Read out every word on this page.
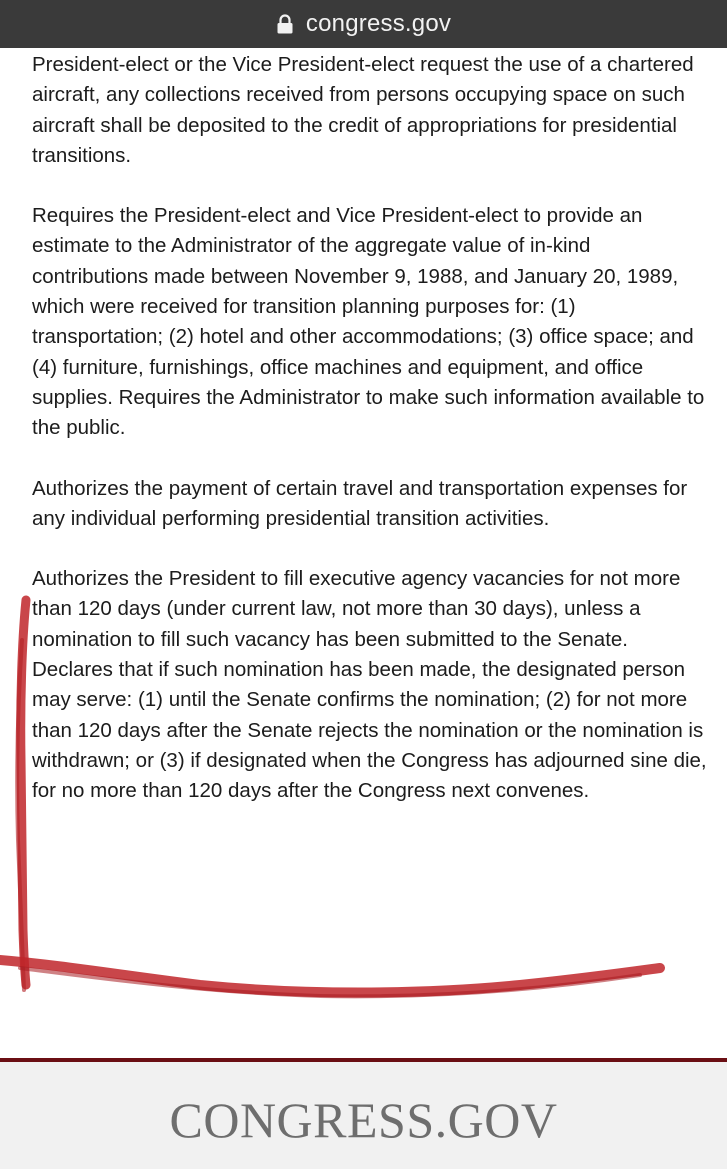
congress.gov

President-elect or the Vice President-elect request the use of a chartered aircraft, any collections received from persons occupying space on such aircraft shall be deposited to the credit of appropriations for presidential transitions.

Requires the President-elect and Vice President-elect to provide an estimate to the Administrator of the aggregate value of in-kind contributions made between November 9, 1988, and January 20, 1989, which were received for transition planning purposes for: (1) transportation; (2) hotel and other accommodations; (3) office space; and (4) furniture, furnishings, office machines and equipment, and office supplies. Requires the Administrator to make such information available to the public.

Authorizes the payment of certain travel and transportation expenses for any individual performing presidential transition activities.

Authorizes the President to fill executive agency vacancies for not more than 120 days (under current law, not more than 30 days), unless a nomination to fill such vacancy has been submitted to the Senate. Declares that if such nomination has been made, the designated person may serve: (1) until the Senate confirms the nomination; (2) for not more than 120 days after the Senate rejects the nomination or the nomination is withdrawn; or (3) if designated when the Congress has adjourned sine die, for no more than 120 days after the Congress next convenes.

CONGRESS.GOV
